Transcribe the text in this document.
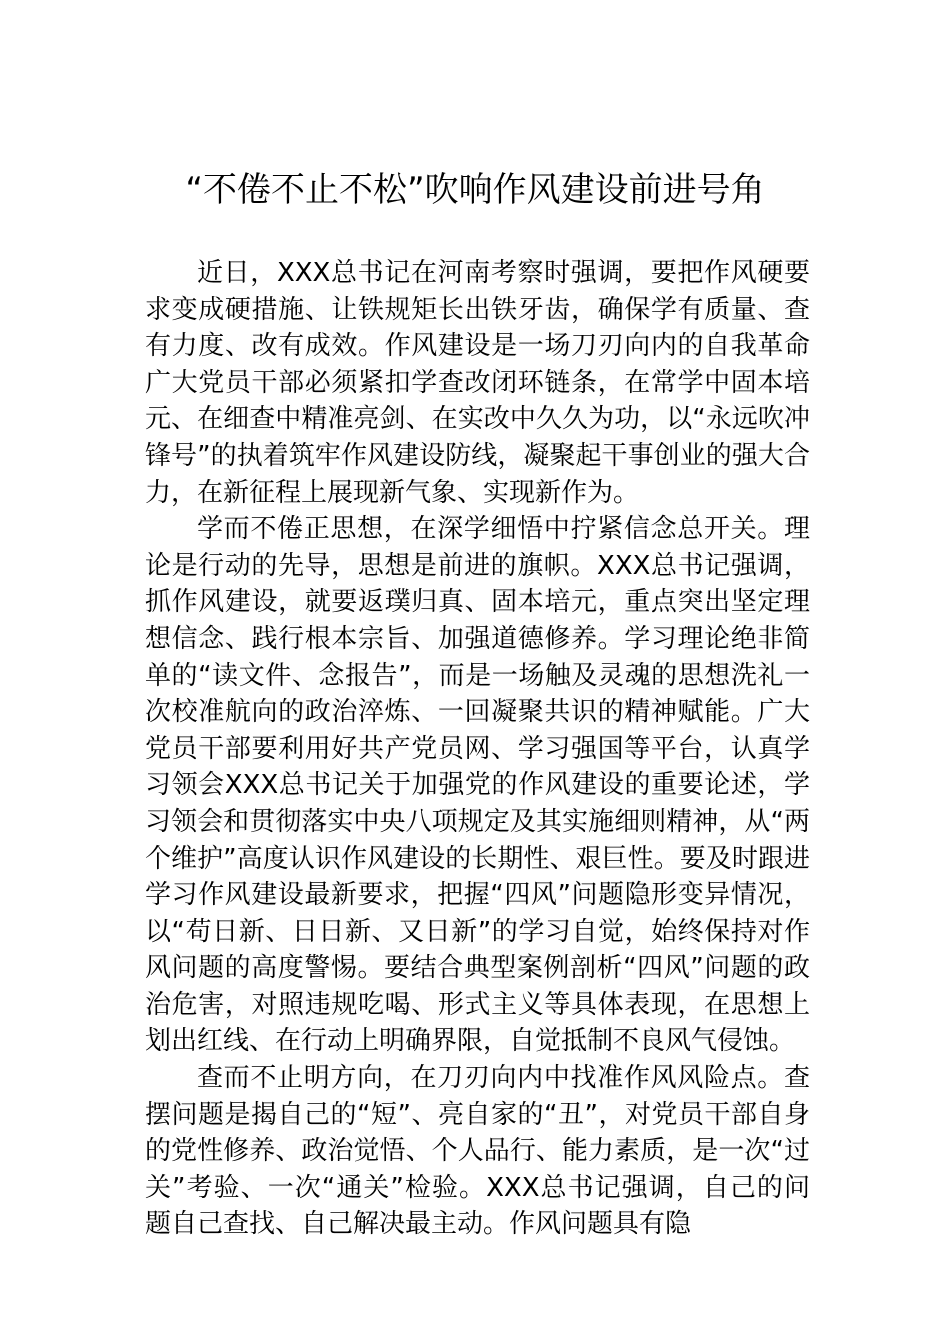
“不倦不止不松”吹响作风建设前进号角

近日，XXX总书记在河南考察时强调，要把作风硬要求变成硬措施、让铁规矩长出铁牙齿，确保学有质量、查有力度、改有成效。作风建设是一场刀刃向内的自我革命广大党员干部必须紧扣学查改闭环链条，在常学中固本培元、在细查中精准亮剑、在实改中久久为功，以“永远吹冲锋号”的执着筑牢作风建设防线，凝聚起干事创业的强大合力，在新征程上展现新气象、实现新作为。

学而不倦正思想，在深学细悟中拧紧信念总开关。理论是行动的先导，思想是前进的旗帜。XXX总书记强调，抓作风建设，就要返璞归真、固本培元，重点突出坚定理想信念、践行根本宗旨、加强道德修养。学习理论绝非简单的“读文件、念报告”，而是一场触及灵魂的思想洗礼一次校准航向的政治淬炼、一回凝聚共识的精神赋能。广大党员干部要利用好共产党员网、学习强国等平台，认真学习领会XXX总书记关于加强党的作风建设的重要论述，学习领会和贯彻落实中央八项规定及其实施细则精神，从“两个维护”高度认识作风建设的长期性、艰巨性。要及时跟进学习作风建设最新要求，把握“四风”问题隐形变异情况，以“苟日新、日日新、又日新”的学习自觉，始终保持对作风问题的高度警惕。要结合典型案例剖析“四风”问题的政治危害，对照违规吃喝、形式主义等具体表现，在思想上划出红线、在行动上明确界限，自觉抵制不良风气侵蚀。

查而不止明方向，在刀刃向内中找准作风风险点。查摆问题是揭自己的“短”、亮自家的“丑”，对党员干部自身的党性修养、政治觉悟、个人品行、能力素质，是一次“过关”考验、一次“通关”检验。XXX总书记强调，自己的问题自己查找、自己解决最主动。作风问题具有隐
